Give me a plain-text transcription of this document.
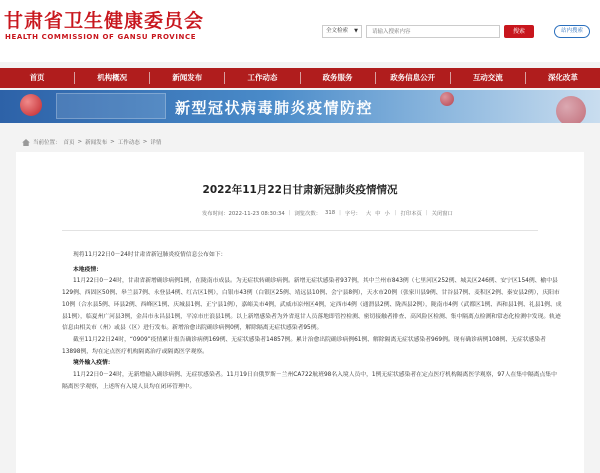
甘肃省卫生健康委员会
HEALTH COMMISSION OF GANSU PROVINCE
全文检索 ▼
请输入搜索内容	搜索	站内搜索
首页	机构概况	新闻发布	工作动态	政务服务	政务信息公开	互动交流	深化改革
新型冠状病毒肺炎疫情防控
当前位置： 首页 > 新闻发布 > 工作动态 > 详情
2022年11月22日甘肃新冠肺炎疫情情况
发布时间：2022-11-23 08:30:34 | 浏览次数： 318 | 字号： 大 中 小 | 打印本页 | 关闭窗口

现将11月22日0－24时甘肃省新冠肺炎疫情信息公布如下：

本地疫情：

11月22日0－24时，甘肃省新增确诊病例1例，在陇南市成县。为无症状转确诊病例。新增无症状感染者937例，其中兰州市843例（七里河区252例、城关区246例、安宁区154例、榆中县129例、西固区50例、皋兰县7例、永登县4例、红古区1例），白银市43例（白银区25例、靖远县10例、会宁县8例），天水市20例（张家川县9例、甘谷县7例、麦积区2例、秦安县2例），庆阳市10例（合水县5例、环县2例、西峰区1例、庆城县1例、正宁县1例），嘉峪关市4例，武威市凉州区4例，定西市4例（通渭县2例、陇西县2例），陇南市4例（武都区1例、西和县1例、礼县1例、成县1例），临夏州广河县3例，金昌市永昌县1例，平凉市庄浪县1例。以上新增感染者为外省返甘人员落地即管控检测、密切接触者排查、高风险区检测、集中隔离点检测和常态化检测中发现。轨迹信息由相关市（州）或县（区）进行发布。新增治愈出院确诊病例0例，解除隔离无症状感染者95例。

截至11月22日24时，“0909”疫情累计报告确诊病例169例、无症状感染者14857例。累计治愈出院确诊病例61例、解除隔离无症状感染者969例。现有确诊病例108例、无症状感染者13898例，均在定点医疗机构隔离治疗或隔离医学观察。

境外输入疫情：

11月22日0－24时，无新增输入确诊病例、无症状感染者。11月19日自俄罗斯－兰州CA722航班98名入境人员中，1例无症状感染者在定点医疗机构隔离医学观察，97人在集中隔离点集中隔离医学观察，上述所有入境人员均在闭环管理中。
